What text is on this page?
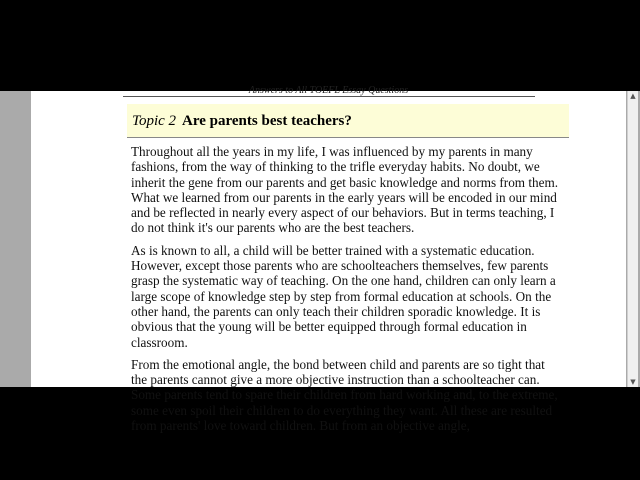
Answers to All TOEFL Essay Questions
Topic 2 Are parents best teachers?

Throughout all the years in my life, I was influenced by my parents in many fashions, from the way of thinking to the trifle everyday habits. No doubt, we inherit the gene from our parents and get basic knowledge and norms from them. What we learned from our parents in the early years will be encoded in our mind and be reflected in nearly every aspect of our behaviors. But in terms teaching, I do not think it's our parents who are the best teachers.

As is known to all, a child will be better trained with a systematic education. However, except those parents who are schoolteachers themselves, few parents grasp the systematic way of teaching. On the one hand, children can only learn a large scope of knowledge step by step from formal education at schools. On the other hand, the parents can only teach their children sporadic knowledge. It is obvious that the young will be better equipped through formal education in classroom.

From the emotional angle, the bond between child and parents are so tight that the parents cannot give a more objective instruction than a schoolteacher can. Some parents tend to spare their children from hard working and, to the extreme, some even spoil their children to do everything they want. All these are resulted from parents' love toward children. But from an objective angle,

▲
▼
